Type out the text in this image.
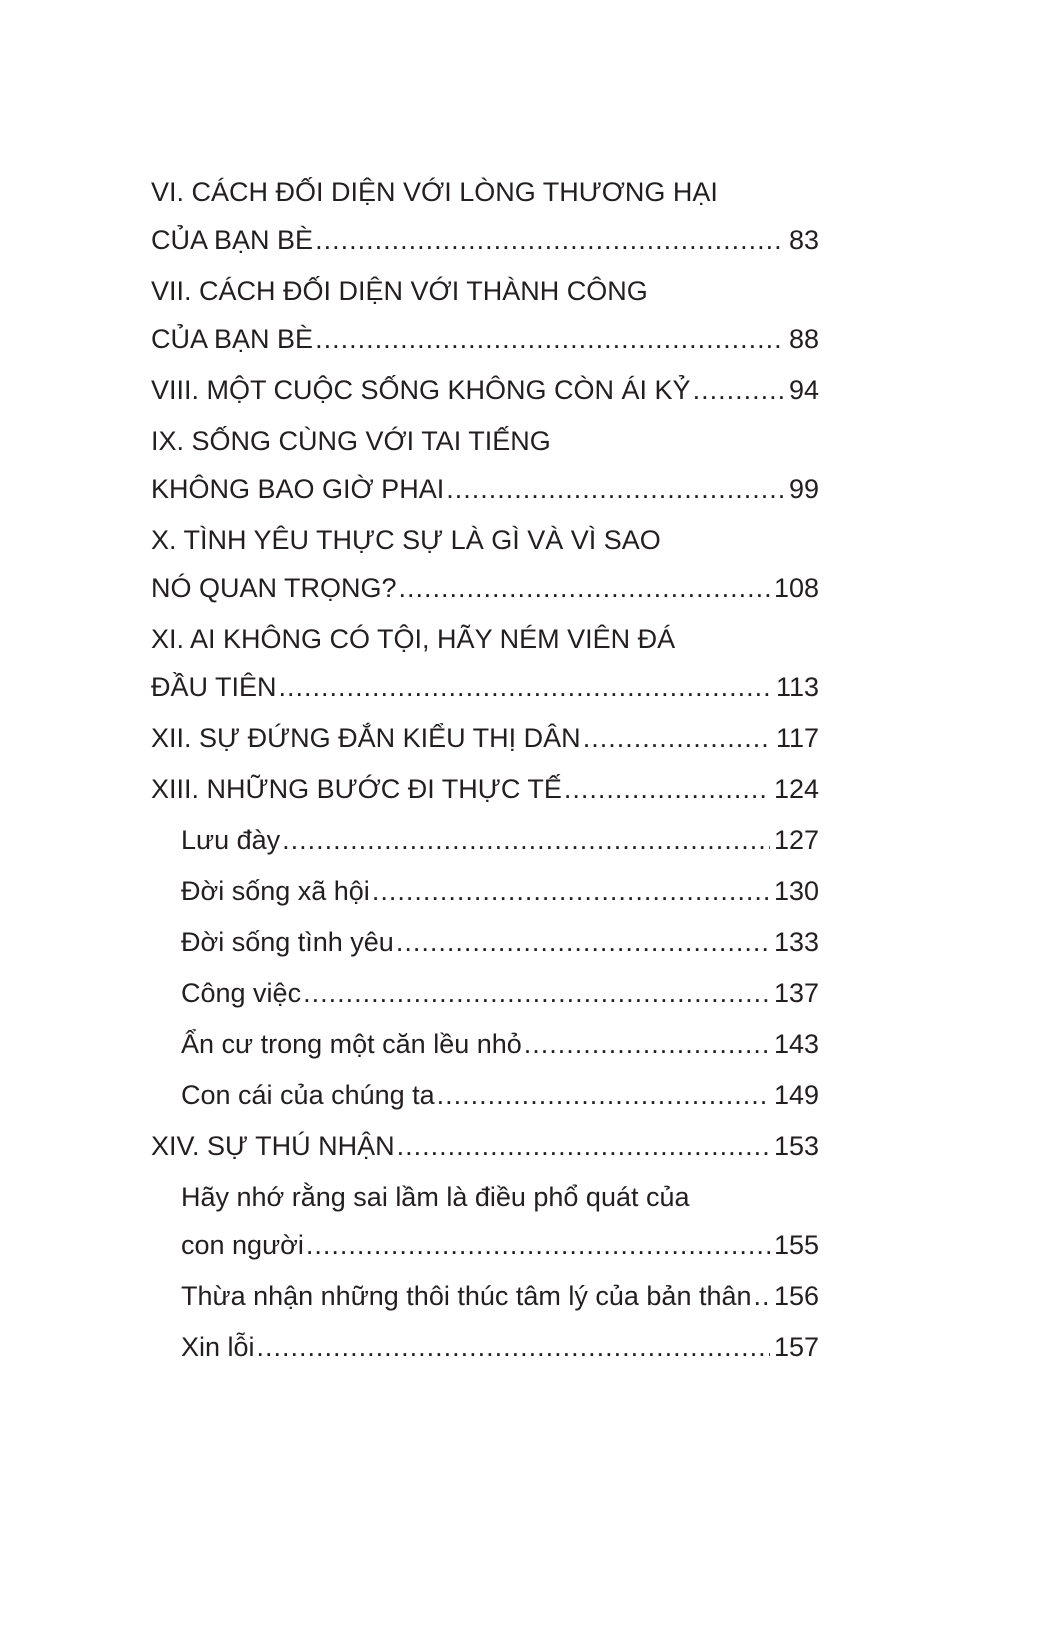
VI. CÁCH ĐỐI DIỆN VỚI LÒNG THƯƠNG HẠI
CỦA BẠN BÈ .....	83
VII. CÁCH ĐỐI DIỆN VỚI THÀNH CÔNG
CỦA BẠN BÈ .....	88
VIII. MỘT CUỘC SỐNG KHÔNG CÒN ÁI KỶ .....	94
IX. SỐNG CÙNG VỚI TAI TIẾNG
KHÔNG BAO GIỜ PHAI .....	99
X. TÌNH YÊU THỰC SỰ LÀ GÌ VÀ VÌ SAO
NÓ QUAN TRỌNG? .....	108
XI. AI KHÔNG CÓ TỘI, HÃY NÉM VIÊN ĐÁ
ĐẦU TIÊN .....	113
XII. SỰ ĐỨNG ĐẮN KIỂU THỊ DÂN .....	117
XIII. NHỮNG BƯỚC ĐI THỰC TẾ .....	124
Lưu đày .....	127
Đời sống xã hội .....	130
Đời sống tình yêu .....	133
Công việc .....	137
Ẩn cư trong một căn lều nhỏ .....	143
Con cái của chúng ta .....	149
XIV. SỰ THÚ NHẬN .....	153
Hãy nhớ rằng sai lầm là điều phổ quát của
con người .....	155
Thừa nhận những thôi thúc tâm lý của bản thân ..... 156
Xin lỗi .....	157
